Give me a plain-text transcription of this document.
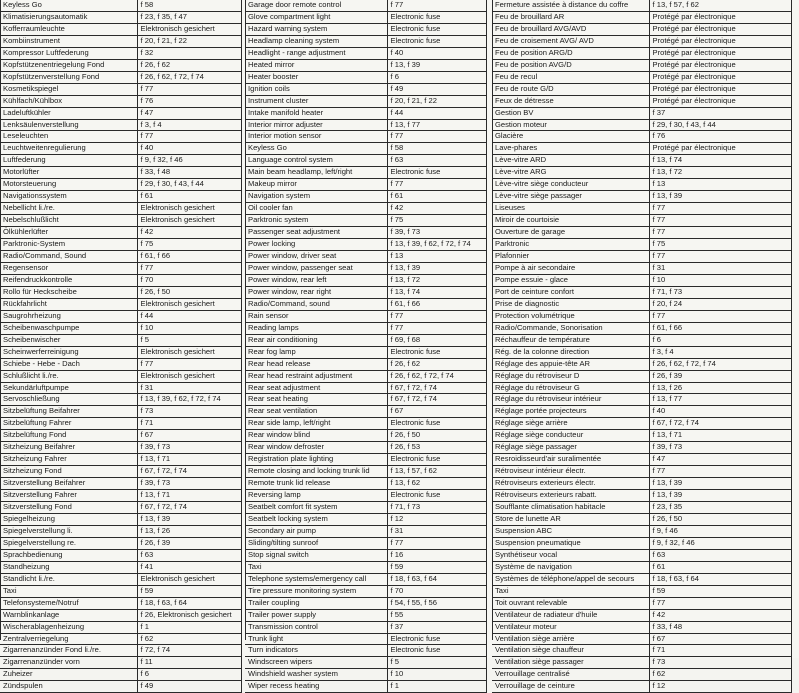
Keyless Go	f 58
Klimatisierungsautomatik	f 23, f 35, f 47
Kofferraumleuchte	Elektronisch gesichert
Kombiinstrument	f 20, f 21, f 22
Kompressor Luftfederung	f 32
Kopfstützenentriegelung Fond	f 26, f 62
Kopfstützenverstellung Fond	f 26, f 62, f 72, f 74
Kosmetikspiegel	f 77
Kühlfach/Kühlbox	f 76
Ladeluftkühler	f 47
Lenksäulenverstellung	f 3, f 4
Leseleuchten	f 77
Leuchtweitenregulierung	f 40
Luftfederung	f 9, f 32, f 46
Motorlüfter	f 33, f 48
Motorsteuerung	f 29, f 30, f 43, f 44
Navigationssystem	f 61
Nebellicht li./re.	Elektronisch gesichert
Nebelschlußlicht	Elektronisch gesichert
Ölkühlerlüfter	f 42
Parktronic-System	f 75
Radio/Command, Sound	f 61, f 66
Regensensor	f 77
Reifendruckkontrolle	f 70
Rollo für Heckscheibe	f 26, f 50
Rückfahrlicht	Elektronisch gesichert
Saugrohrheizung	f 44
Scheibenwaschpumpe	f 10
Scheibenwischer	f 5
Scheinwerferreinigung	Elektronisch gesichert
Schiebe - Hebe - Dach	f 77
Schlußlicht li./re.	Elektronisch gesichert
Sekundärluftpumpe	f 31
Servoschließung	f 13, f 39, f 62, f 72, f 74
Sitzbelüftung Beifahrer	f 73
Sitzbelüftung Fahrer	f 71
Sitzbelüftung Fond	f 67
Sitzheizung Beifahrer	f 39, f 73
Sitzheizung Fahrer	f 13, f 71
Sitzheizung Fond	f 67, f 72, f 74
Sitzverstellung Beifahrer	f 39, f 73
Sitzverstellung Fahrer	f 13, f 71
Sitzverstellung Fond	f 67, f 72, f 74
Spiegelheizung	f 13, f 39
Spiegelverstellung li.	f 13, f 26
Spiegelverstellung re.	f 26, f 39
Sprachbedienung	f 63
Standheizung	f 41
Standlicht li./re.	Elektronisch gesichert
Taxi	f 59
Telefonsysteme/Notruf	f 18, f 63, f 64
Warnblinkanlage	f 26, Elektronisch gesichert
Wischerablagenheizung	f 1
Zentralverriegelung	f 62
Zigarrenanzünder Fond li./re.	f 72, f 74
Zigarrenanzünder vorn	f 11
Zuheizer	f 6
Zündspulen	f 49
Garage door remote control	f 77
Glove compartment light	Electronic fuse
Hazard warning system	Electronic fuse
Headlamp cleaning system	Electronic fuse
Headlight - range adjustment	f 40
Heated mirror	f 13, f 39
Heater booster	f 6
Ignition coils	f 49
Instrument cluster	f 20, f 21, f 22
Intake manifold heater	f 44
Interior mirror adjuster	f 13, f 77
Interior motion sensor	f 77
Keyless Go	f 58
Language control system	f 63
Main beam headlamp, left/right	Electronic fuse
Makeup mirror	f 77
Navigation system	f 61
Oil cooler fan	f 42
Parktronic system	f 75
Passenger seat adjustment	f 39, f 73
Power locking	f 13, f 39, f 62, f 72, f 74
Power window, driver seat	f 13
Power window, passenger seat	f 13, f 39
Power window, rear left	f 13, f 72
Power window, rear right	f 13, f 74
Radio/Command, sound	f 61, f 66
Rain sensor	f 77
Reading lamps	f 77
Rear air conditioning	f 69, f 68
Rear fog lamp	Electronic fuse
Rear head release	f 26, f 62
Rear head restraint adjustment	f 26, f 62, f 72, f 74
Rear seat adjustment	f 67, f 72, f 74
Rear seat heating	f 67, f 72, f 74
Rear seat ventilation	f 67
Rear side lamp, left/right	Electronic fuse
Rear window blind	f 26, f 50
Rear window defroster	f 26, f 53
Registration plate lighting	Electronic fuse
Remote closing and locking trunk lid	f 13, f 57, f 62
Remote trunk lid release	f 13, f 62
Reversing lamp	Electronic fuse
Seatbelt comfort fit system	f 71, f 73
Seatbelt locking system	f 12
Secondary air pump	f 31
Sliding/tilting sunroof	f 77
Stop signal switch	f 16
Taxi	f 59
Telephone systems/emergency call	f 18, f 63, f 64
Tire pressure monitoring system	f 70
Trailer coupling	f 54, f 55, f 56
Trailer power supply	f 55
Transmission control	f 37
Trunk light	Electronic fuse
Turn indicators	Electronic fuse
Windscreen wipers	f 5
Windshield washer system	f 10
Wiper recess heating	f 1
Fermeture assistée à distance du coffre	f 13, f 57, f 62
Feu de brouillard AR	Protégé par électronique
Feu de brouillard AVG/AVD	Protégé par électronique
Feu de croisement AVG/ AVD	Protégé par électronique
Feu de position ARG/D	Protégé par électronique
Feu de position AVG/D	Protégé par électronique
Feu de recul	Protégé par électronique
Feu de route G/D	Protégé par électronique
Feux de détresse	Protégé par électronique
Gestion BV	f 37
Gestion moteur	f 29, f 30, f 43, f 44
Glacière	f 76
Lave-phares	Protégé par électronique
Lève-vitre ARD	f 13, f 74
Lève-vitre ARG	f 13, f 72
Lève-vitre siège conducteur	f 13
Lève-vitre siège passager	f 13, f 39
Liseuses	f 77
Miroir de courtoisie	f 77
Ouverture de garage	f 77
Parktronic	f 75
Plafonnier	f 77
Pompe à air secondaire	f 31
Pompe essuie - glace	f 10
Port de ceinture confort	f 71, f 73
Prise de diagnostic	f 20, f 24
Protection volumétrique	f 77
Radio/Commande, Sonorisation	f 61, f 66
Réchauffeur de température	f 6
Rég. de la colonne direction	f 3, f 4
Réglage des appuie-tête AR	f 26, f 62, f 72, f 74
Réglage du rétroviseur D	f 26, f 39
Réglage du rétroviseur G	f 13, f 26
Réglage du rétroviseur intérieur	f 13, f 77
Réglage portée projecteurs	f 40
Réglage siège arrière	f 67, f 72, f 74
Réglage siège conducteur	f 13, f 71
Réglage siège passager	f 39, f 73
Resroidisseurd'air suralimentée	f 47
Rétroviseur intérieur électr.	f 77
Rétroviseurs exterieurs électr.	f 13, f 39
Rétroviseurs exterieurs rabatt.	f 13, f 39
Soufflante climatisation habitacle	f 23, f 35
Store de lunette AR	f 26, f 50
Suspension ABC	f 9, f 46
Suspension pneumatique	f 9, f 32, f 46
Synthétiseur vocal	f 63
Système de navigation	f 61
Systèmes de téléphone/appel de secours	f 18, f 63, f 64
Taxi	f 59
Toit ouvrant relevable	f 77
Ventilateur de radiateur d'huile	f 42
Ventilateur moteur	f 33, f 48
Ventilation siège arrière	f 67
Ventilation siège chauffeur	f 71
Ventilation siège passager	f 73
Verrouillage centralisé	f 62
Verrouillage de ceinture	f 12
